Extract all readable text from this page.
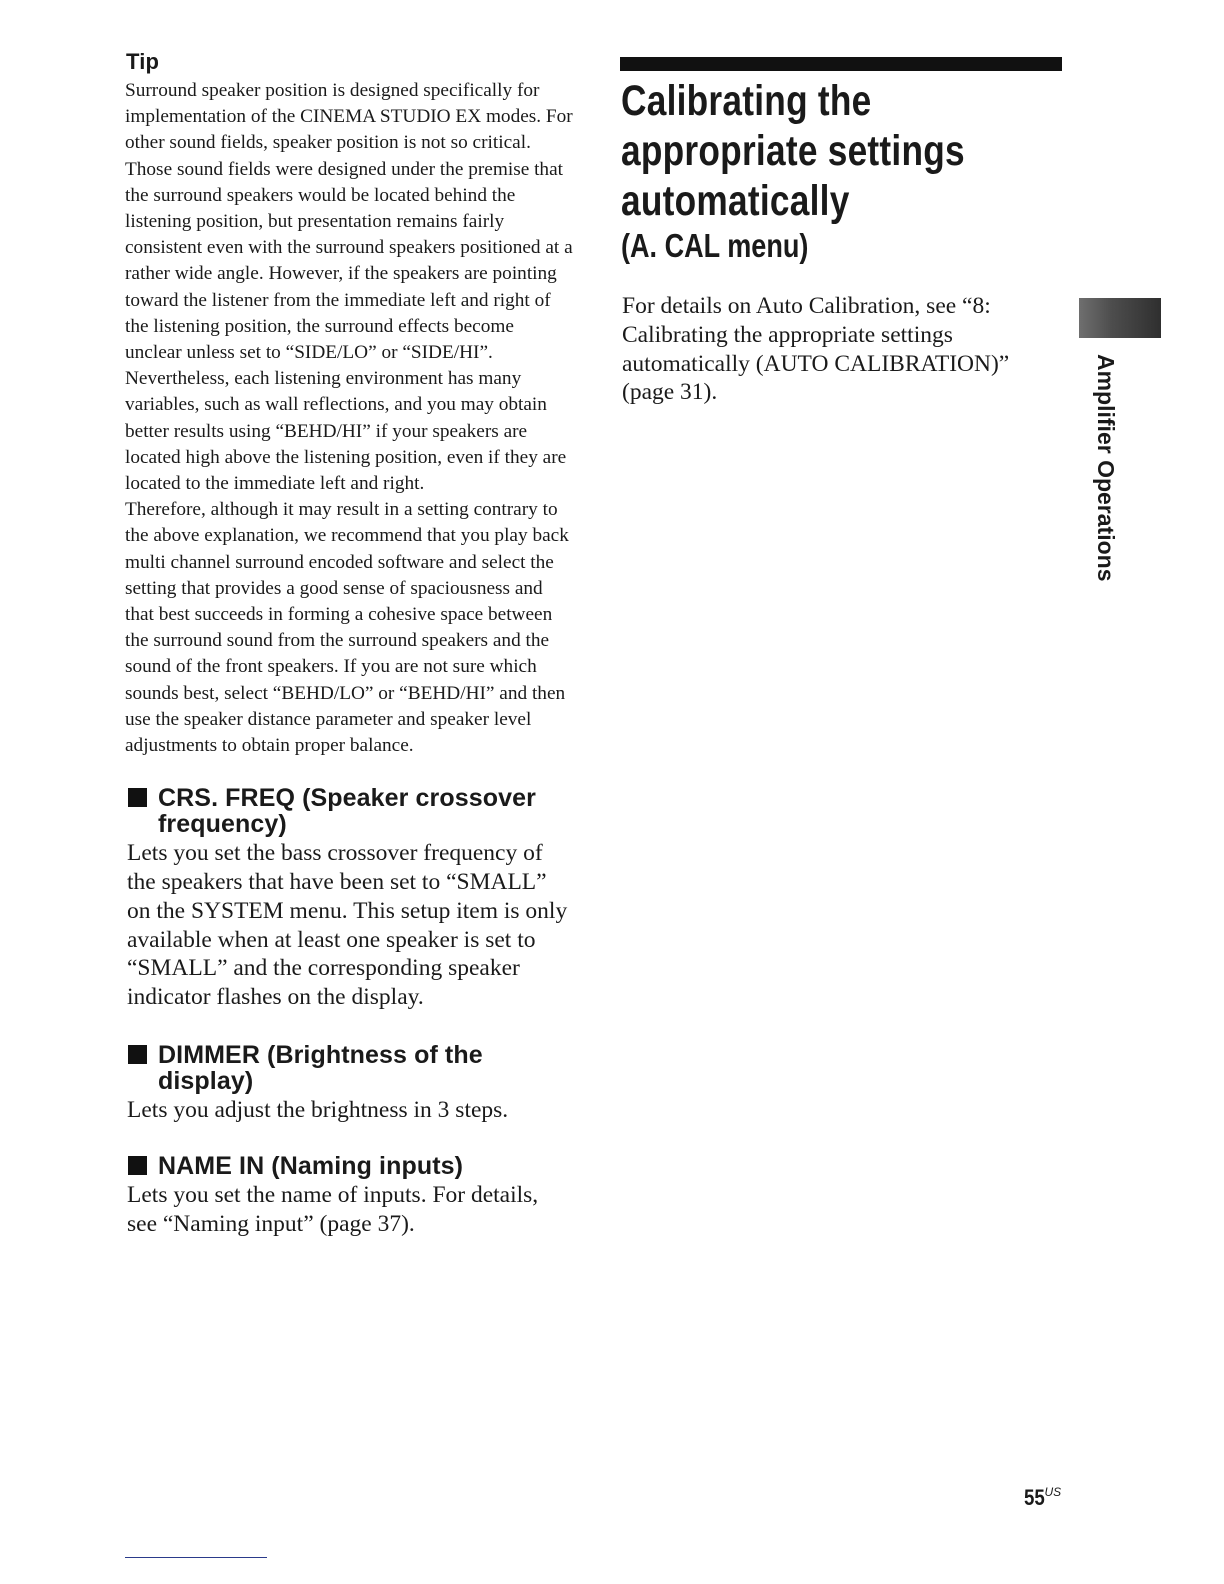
Tip

Surround speaker position is designed specifically for implementation of the CINEMA STUDIO EX modes. For other sound fields, speaker position is not so critical.

Those sound fields were designed under the premise that the surround speakers would be located behind the listening position, but presentation remains fairly consistent even with the surround speakers positioned at a rather wide angle. However, if the speakers are pointing toward the listener from the immediate left and right of the listening position, the surround effects become unclear unless set to “SIDE/LO” or “SIDE/HI”.

Nevertheless, each listening environment has many variables, such as wall reflections, and you may obtain better results using “BEHD/HI” if your speakers are located high above the listening position, even if they are located to the immediate left and right.

Therefore, although it may result in a setting contrary to the above explanation, we recommend that you play back multi channel surround encoded software and select the setting that provides a good sense of spaciousness and that best succeeds in forming a cohesive space between the surround sound from the surround speakers and the sound of the front speakers. If you are not sure which sounds best, select “BEHD/LO” or “BEHD/HI” and then use the speaker distance parameter and speaker level adjustments to obtain proper balance.

CRS. FREQ (Speaker crossover frequency)
Lets you set the bass crossover frequency of the speakers that have been set to “SMALL” on the SYSTEM menu. This setup item is only available when at least one speaker is set to “SMALL” and the corresponding speaker indicator flashes on the display.
DIMMER (Brightness of the display)
Lets you adjust the brightness in 3 steps.
NAME IN (Naming inputs)
Lets you set the name of inputs. For details, see “Naming input” (page 37).
Calibrating the
appropriate settings
automatically
(A. CAL menu)
For details on Auto Calibration, see “8: Calibrating the appropriate settings automatically (AUTO CALIBRATION)” (page 31).	Amplifier Operations
$55^{US}$
